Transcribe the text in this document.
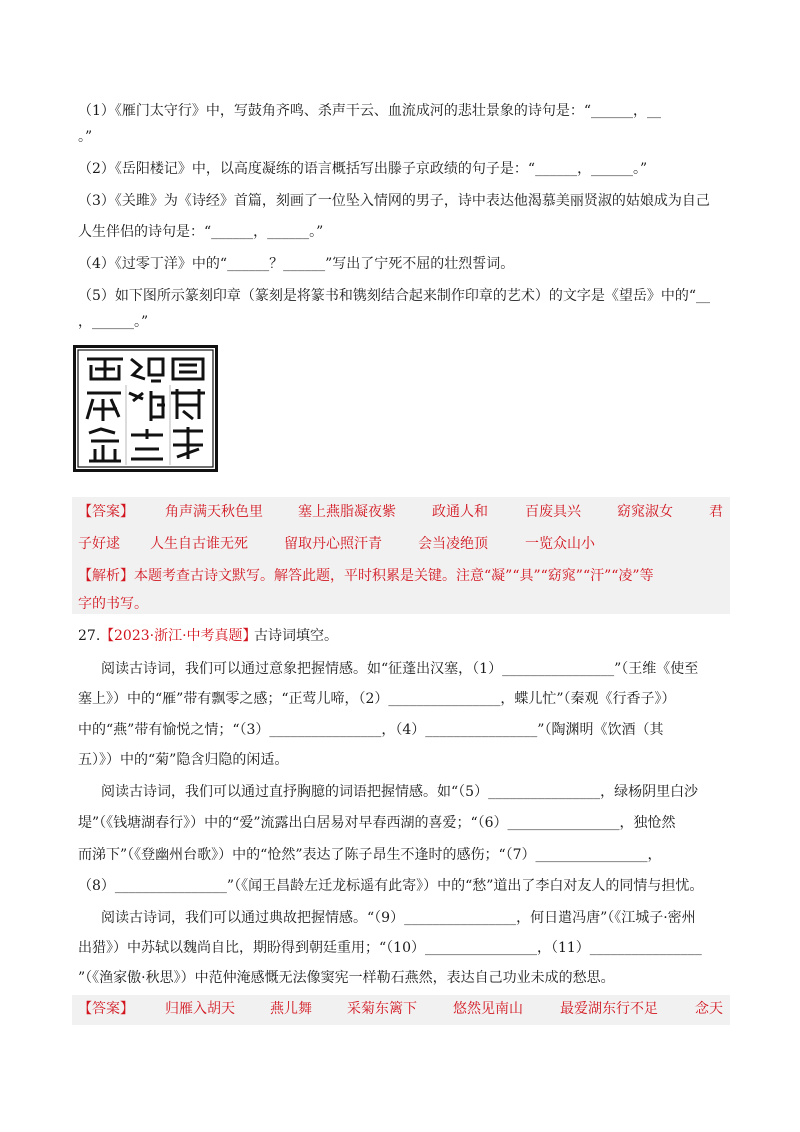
（1）《雁门太守行》中，写鼓角齐鸣、杀声干云、血流成河的悲壮景象的诗句是：“______，__
。”
（2）《岳阳楼记》中，以高度凝练的语言概括写出滕子京政绩的句子是：“______，______。”
（3）《关雎》为《诗经》首篇，刻画了一位坠入情网的男子，诗中表达他渴慕美丽贤淑的姑娘成为自己
人生伴侣的诗句是：“______，______。”
（4）《过零丁洋》中的“______？______”写出了宁死不屈的壮烈誓词。
（5）如下图所示篆刻印章（篆刻是将篆书和镌刻结合起来制作印章的艺术）的文字是《望岳》中的“__
，______。”
【答案】 角声满天秋色里	塞上燕脂凝夜紫	政通人和	百废具兴	窈窕淑女	君
子好逑 人生自古谁无死	留取丹心照汗青	会当凌绝顶	一览众山小
【解析】 本题考查古诗文默写。解答此题，平时积累是关键。注意“凝”“具”“窈窕”“汗”“凌”等
字的书写。
27. 【2023·浙江·中考真题】
古诗词填空。
阅读古诗词，我们可以通过意象把握情感。如“征蓬出汉塞，（1）________________”（王维《使至
塞上》）中的“雁”带有飘零之感；“正莺儿啼，（2）________________，蝶儿忙”（秦观《行香子》）
中的“燕”带有愉悦之情；“（3）________________，（4）________________”（陶渊明《饮酒（其
五）》）中的“菊”隐含归隐的闲适。
阅读古诗词，我们可以通过直抒胸臆的词语把握情感。如“（5）________________，绿杨阴里白沙
堤”（《钱塘湖春行》）中的“爱”流露出白居易对早春西湖的喜爱；“（6）________________，独怆然
而涕下”（《登幽州台歌》）中的“怆然”表达了陈子昂生不逢时的感伤；“（7）________________，
（8）________________”（《闻王昌龄左迁龙标遥有此寄》）中的“愁”道出了李白对友人的同情与担忧。
阅读古诗词，我们可以通过典故把握情感。“（9）________________，何日遣冯唐”（《江城子·密州
出猎》）中苏轼以魏尚自比，期盼得到朝廷重用；“（10）________________，（11）________________
”（《渔家傲·秋思》）中范仲淹感慨无法像窦宪一样勒石燕然，表达自己功业未成的愁思。
【答案】 归雁入胡天	燕儿舞	采菊东篱下	悠然见南山	最爱湖东行不足	念天
